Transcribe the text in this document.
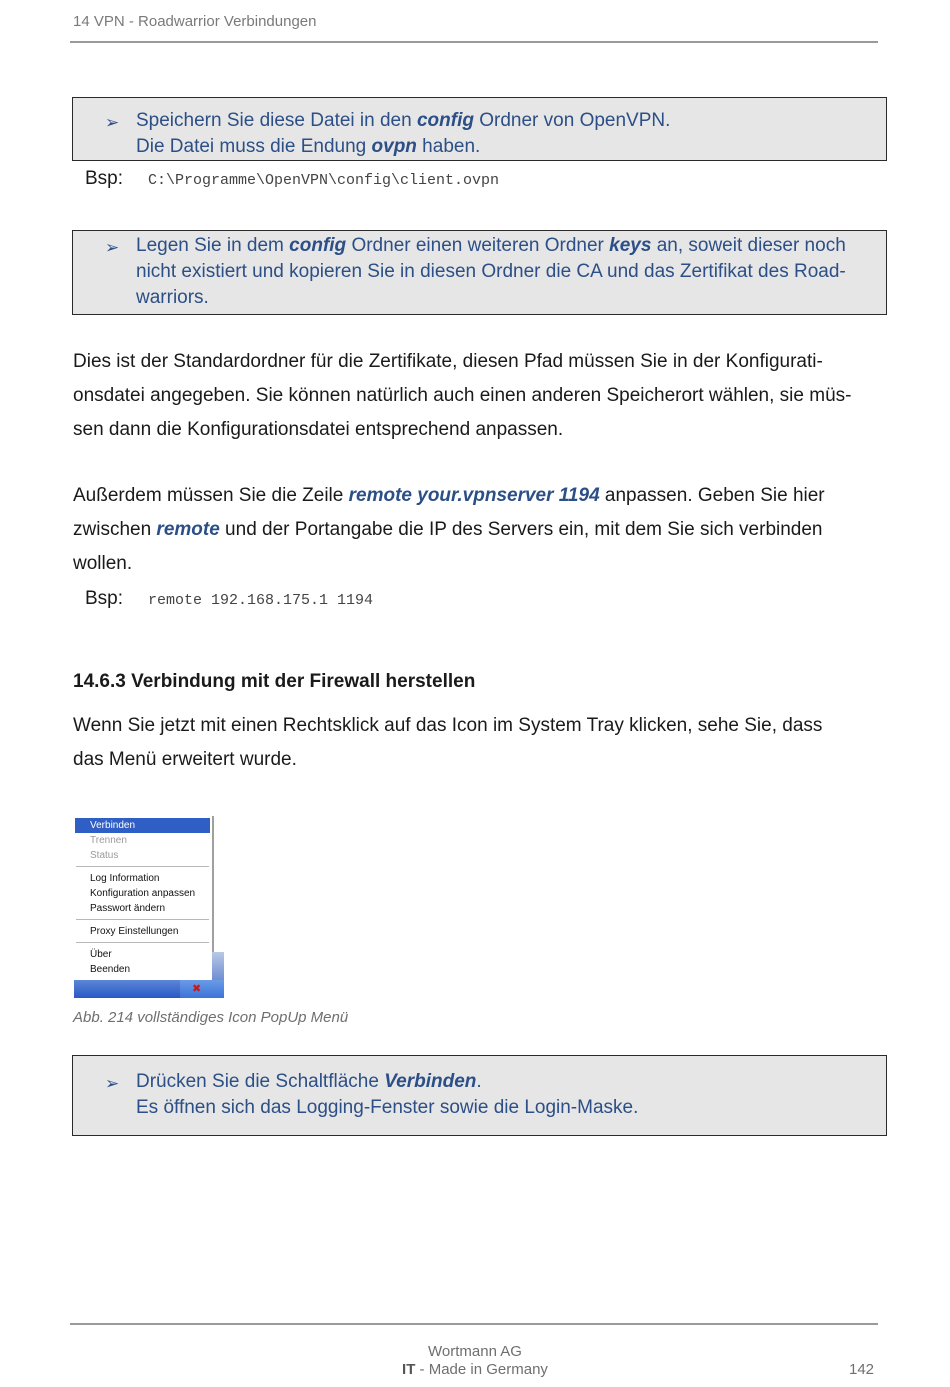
14 VPN - Roadwarrior Verbindungen
➢ Speichern Sie diese Datei in den config Ordner von OpenVPN.
Die Datei muss die Endung ovpn haben.
Bsp: C:\Programme\OpenVPN\config\client.ovpn
➢ Legen Sie in dem config Ordner einen weiteren Ordner keys an, soweit dieser noch
nicht existiert und kopieren Sie in diesen Ordner die CA und das Zertifikat des Road-
warriors.
Dies ist der Standardordner für die Zertifikate, diesen Pfad müssen Sie in der Konfigurati-
onsdatei angegeben. Sie können natürlich auch einen anderen Speicherort wählen, sie müs-
sen dann die Konfigurationsdatei entsprechend anpassen.
Außerdem müssen Sie die Zeile remote your.vpnserver 1194 anpassen. Geben Sie hier
zwischen remote und der Portangabe die IP des Servers ein, mit dem Sie sich verbinden
wollen.
Bsp: remote 192.168.175.1 1194
14.6.3 Verbindung mit der Firewall herstellen
Wenn Sie jetzt mit einen Rechtsklick auf das Icon im System Tray klicken, sehe Sie, dass
das Menü erweitert wurde.
Verbinden
Trennen
Status
Log Information
Konfiguration anpassen
Passwort ändern
Proxy Einstellungen
Über
Beenden
✖
Abb. 214 vollständiges Icon PopUp Menü
➢ Drücken Sie die Schaltfläche Verbinden.
Es öffnen sich das Logging-Fenster sowie die Login-Maske.
Wortmann AG
IT - Made in Germany	142
